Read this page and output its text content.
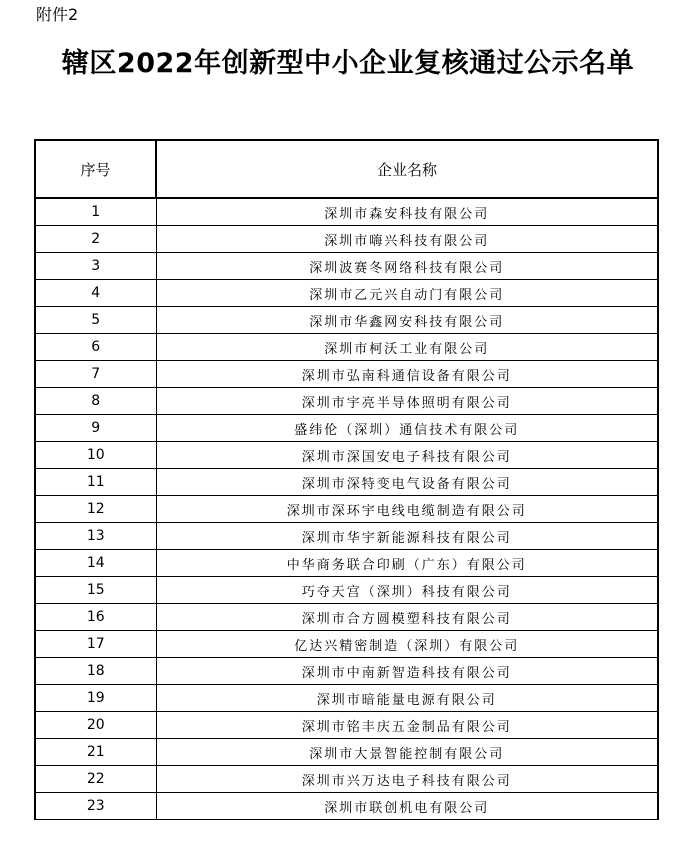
附件2
辖区2022年创新型中小企业复核通过公示名单
序号	企业名称
1	深圳市森安科技有限公司
2	深圳市嗨兴科技有限公司
3	深圳波赛冬网络科技有限公司
4	深圳市乙元兴自动门有限公司
5	深圳市华鑫网安科技有限公司
6	深圳市柯沃工业有限公司
7	深圳市弘南科通信设备有限公司
8	深圳市宇亮半导体照明有限公司
9	盛纬伦（深圳）通信技术有限公司
10	深圳市深国安电子科技有限公司
11	深圳市深特变电气设备有限公司
12	深圳市深环宇电线电缆制造有限公司
13	深圳市华宇新能源科技有限公司
14	中华商务联合印刷（广东）有限公司
15	巧夺天宫（深圳）科技有限公司
16	深圳市合方圆模塑科技有限公司
17	亿达兴精密制造（深圳）有限公司
18	深圳市中南新智造科技有限公司
19	深圳市暗能量电源有限公司
20	深圳市铭丰庆五金制品有限公司
21	深圳市大景智能控制有限公司
22	深圳市兴万达电子科技有限公司
23	深圳市联创机电有限公司
